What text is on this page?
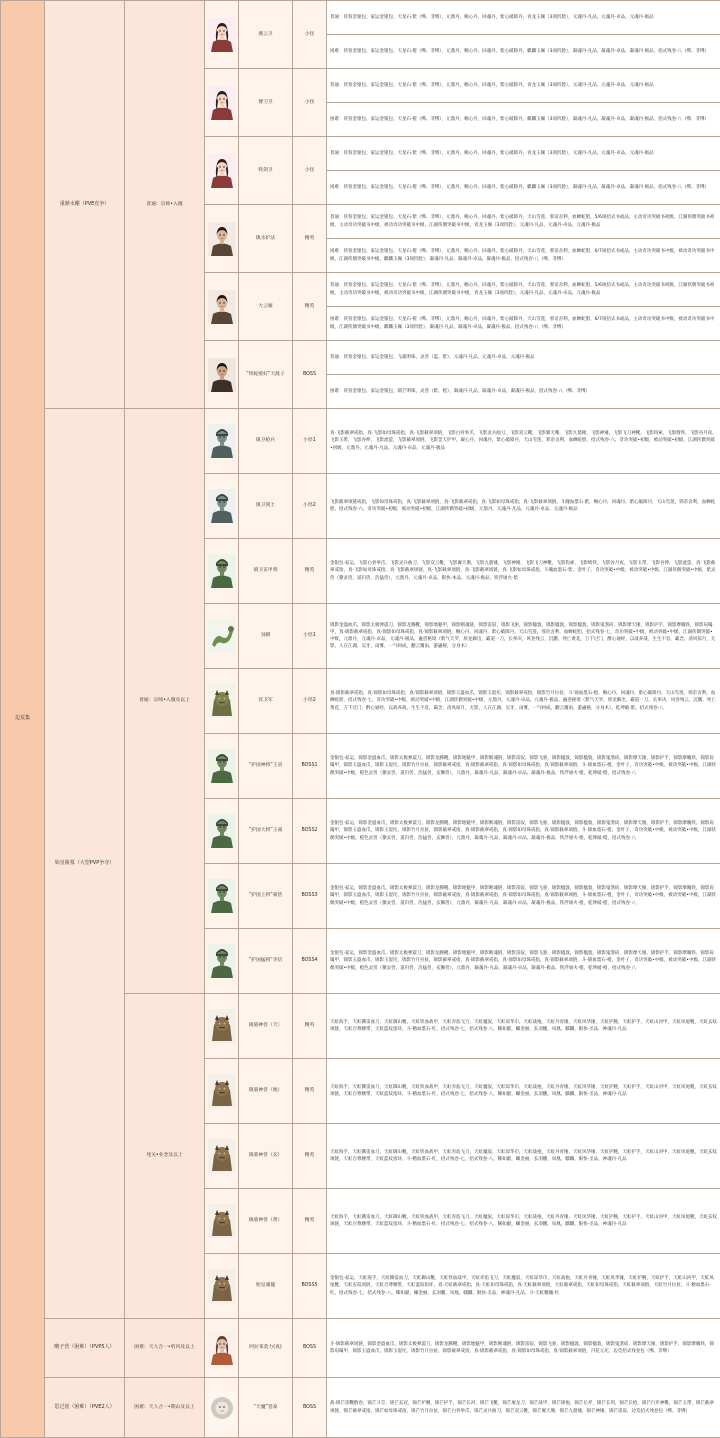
边荒集	重鼎水榭（PVE竞争）	普通：宗师•入微		燕云卫	小怪	普通：侠客金银包、家运金银包、天星石·紫（绑、非绑），元鼎丹，赐心丹，回魂丹，紫心破障丹，青龙玉佩（3项凹脸），元魂丹·凡品，元魂丹·卓品，元魂丹·极品
						困难：侠客金银包、家运金银包、天星石·橙（绑、非绑），元鼎丹，赐心丹，回魂丹，紫心破障丹，麒麟玉佩（3项凹脸），凝魂丹·凡品，凝魂丹·卓品，凝魂丹·极品，招式残卷·八（绑、非绑）

	傅刀卫	小怪	普通：侠客金银包、家运金银包、天星石·紫（绑、非绑），元鼎丹，赐心丹，回魂丹，紫心破障丹，青龙玉佩（3项凹脸），元魂丹·凡品，元魂丹·卓品，元魂丹·极品
						困难：侠客金银包、家运金银包、天星石·橙（绑、非绑），元鼎丹，赐心丹，回魂丹，紫心破障丹，麒麟玉佩（3项凹脸），凝魂丹·凡品，凝魂丹·卓品，凝魂丹·极品，招式残卷·八（绑、非绑）

	铁剑卫	小怪	普通：侠客金银包、家运金银包、天星石·紫（绑、非绑），元鼎丹，赐心丹，回魂丹，紫心破障丹，青龙玉佩（3项凹脸），元魂丹·凡品，元魂丹·卓品，元魂丹·极品
						困难：侠客金银包、家运金银包、天星石·橙（绑、非绑），元鼎丹，赐心丹，回魂丹，紫心破障丹，麒麟玉佩（3项凹脸），凝魂丹·凡品，凝魂丹·卓品，凝魂丹·极品，招式残卷·八（绑、非绑）

	镇水护法	精英	普通：侠客金银包、家运金银包、天星石·紫（绑、非绑），元鼎丹，赐心丹，回魂丹，紫心破障丹，天山雪莲，邪帝舍利，血蝉蛇胆，5/6项招式书或品，主动奇功突破书初级，江湖侠偶突破书初级，主动奇功突破书中级，被动奇功突破书中级，江湖侠偶突破书中级，青龙玉佩（3项凹脸），元魂丹·凡品，元魂丹·卓品，元魂丹·极品
						困难：侠客金银包、家运金银包、天星石·橙（绑、非绑），元鼎丹，赐心丹，回魂丹，紫心破障丹，天山雪莲，邪帝舍利，血蝉蛇胆，6/7项招式书或品，主动奇功突破书中级，被动奇功突破书中级，江湖侠偶突破书中级，麒麟玉佩（3项凹脸），凝魂丹·凡品，凝魂丹·卓品，凝魂丹·极品，招式残卷·八（绑、非绑）

	大云雁	精英	普通：侠客金银包、家运金银包、天星石·紫（绑、非绑），元鼎丹，赐心丹，回魂丹，紫心破障丹，天山雪莲，邪帝舍利，血蝉蛇胆，5/6项招式书或品，主动奇功突破书初级，江湖侠偶突破书初级，主动奇功突破书中级，被动奇功突破书中级，江湖侠偶突破书中级，青龙玉佩（3项凹脸），元魂丹·凡品，元魂丹·卓品，元魂丹·极品
						困难：侠客金银包、家运金银包、天星石·橙（绑、非绑），元鼎丹，赐心丹，回魂丹，紫心破障丹，天山雪莲，邪帝舍利，血蝉蛇胆，6/7项招式书或品，主动奇功突破书中级，被动奇功突破书中级，江湖侠偶突破书中级，麒麟玉佩（3项凹脸），凝魂丹·凡品，凝魂丹·卓品，凝魂丹·极品，招式残卷·八（绑、非绑）

	“铁蛇缓好”天渡子	BOSS	普通：侠客金银包、家运金银包，飞霜明珠，灵兽（蓝、紫），元魂丹·凡品，元魂丹·卓品，元魂丹·极品
						困难：侠客金银包、家运金银包，锦芒明珠，灵兽（紫、橙），凝魂丹·凡品，凝魂丹·卓品，凝魂丹·极品，招式残卷·八（绑、非绑）
	始皇陵墓（大型PVP争夺）	普通：宗师•入微及以上		镇卫枪兵	小怪1	真·飞影截翠戒指，真·飞影如母珠戒指，真·飞影截翠项链，飞影白骨拳爪，飞影灵兵曲刀，飞影双云靴，飞影翼天珊，飞影九鼎锤，飞影神锤，飞影飞刀神靴，飞影钩索，飞影绮铁，飞影谷月夜，飞影玉带，飞影谷伸，飞影流萤，飞影截翠项链，飞影罡天护甲，凝心丹，回魂丹，紫心破障丹，天山雪莲，邪帝舍利，血蝉蛇胆，招式残卷·六，奇功突破•初级，被动突破•初级，江湖侠偶突破•初级，元鼎丹，元魂丹·凡品，元魂丹·卓品，元魂丹·极品

	镇卫剑士	小怪2	飞影截翠项链戒指，飞影如母珠戒指，真·飞影截翠项链，真·飞影截翠戒指，真·飞影如母珠戒指，真·飞影截翠项链，斗魄血墨石·紫，赐心丹，回魂丹，紫心破障丹，天山雪莲，邪帝舍利，血蝉蛇胆，招式残卷·六，奇功突破•初级，被动突破•初级，江湖侠偶突破•初级，元鼎丹，元魂丹·凡品，元魂丹·卓品，元魂丹·极品

	镇卫玄甲将	精英	金银包·家运，飞影白骨拳爪，飞影灵兵曲刀，飞影双云靴，飞影翼天珊，飞影九鼎锤，飞影神锤，飞影飞刀神靴，飞影钩索，飞影绮铁，飞影谷月夜，飞影玉带，飞影谷伸，飞影流萤，真·飞影截翠戒指，真·飞影如母珠戒指，真·飞影截翠项链，真·飞影截翠项链，真·飞影截翠项链，真·飞影如母珠戒指，斗魄血墨石·紫，金叶子，奇功突破•中级，被动突破•中级，江湖侠偶突破•中级，紫灵兽（獠灵兽，道归兽，浩猛兽），元鼎丹，元魂丹·卓品，限快·本品，元魂丹·极品，铁浮屠火·紫

	冥蟒	小怪1	锦影金盛血爪，锦影太极弹震刀，锦影龙腾靴，锦影地魁甲，锦影断魂链，锦影雷驭，锦影飞驱，锦影楹敦，锦影楹敦，锦影楹敦，锦影鬼煞砖，锦影摩天锤，锦影护手，锦影摩魄铁，锦影肩镯甲，真·锦影截翠戒指，真·锦影如母珠戒指，真·锦影截翠项链，赐心丹，回魂丹，紫心破障丹，天山雪莲，邪帝舍利，血蝉蛇胆，招式残卷·七，奇功突破•中级，被动突破•中级，江湖侠偶突破•中级，元鼎丹，元魂丹·卓品，元魂丹·极品，蛊惑秘境（紫气天罗，原龙御出，霸道一刀，长拳决，风卷残云，沉鹏，死亡黄花，万千过门，醉心通经，以战养战，生生不息，霸念，清风掠月，无影，人在江湖，吴牙，雨雾，一气呵成，翻云覆雨，游蛊秘，分身术）

	冥卫军	小怪2	真·锦影截翠戒指，真·锦影如母珠戒指，真·锦影截翠项链，锦影玉盛血爪，锦影玉混坨，锦影截翠戒指，锦影竹月拉扯，斗·锦血墨石·橙，赐心丹，回魂丹，紫心破障丹，天山雪莲，邪帝舍利，血蝉蛇胆，招式残卷·七，奇功突破•中级，被动突破•中级，江湖侠偶突破•中级，元鼎丹，元魂丹·卓品，元魂丹·极品，蛊惑秘境（紫气天罗，原龙御出，霸道一刀，长拳决，风卷残云，沉鹏，死亡黄花，万千过门，醉心通经，以战养战，生生不息，霸念，清风掠月，无影，人在江湖，吴牙，雨雾，一气呵成，翻云覆雨，游蛊秘，分身术），乾坤破·紫，招式残卷·八

	“护国神将”王贲	BOSS1	金银包·家运，锦影金盛血爪，锦影太极弹震刀，锦影龙腾靴，锦影地魁甲，锦影断魂链，锦影雷驭，锦影飞驱，锦影楹敦，锦影楹敦，锦影鬼煞砖，锦影摩天锤，锦影护手，锦影摩魄铁，锦影肩镯甲，锦影玉盛血爪，锦影玉混坨，锦影竹月拉扯，锦影截翠戒指，真·锦影截翠戒指，真·锦影如母珠戒指，真·锦影截翠项链，斗·锦血墨石·橙，金叶子，奇功突破•中级，被动突破•中级，江湖侠偶突破•中级，橙色灵兽（獠灵兽，道归兽，浩猛兽，玄狮兽），元鼎丹，凝魂丹·凡品，凝魂丹·卓品，凝魂丹·极品，铁浮屠火·橙，乾坤破·橙，招式残卷·八

	“护国大将”王离	BOSS2	金银包·家运，锦影金盛血爪，锦影太极弹震刀，锦影龙腾靴，锦影地魁甲，锦影断魂链，锦影雷驭，锦影飞驱，锦影楹敦，锦影楹敦，锦影鬼煞砖，锦影摩天锤，锦影护手，锦影摩魄铁，锦影肩镯甲，锦影玉盛血爪，锦影玉混坨，锦影竹月拉扯，锦影截翠戒指，真·锦影截翠戒指，真·锦影如母珠戒指，真·锦影截翠项链，斗·锦血墨石·橙，金叶子，奇功突破•中级，被动突破•中级，江湖侠偶突破•中级，橙色灵兽（獠灵兽，道归兽，浩猛兽，玄狮兽），元鼎丹，凝魂丹·凡品，凝魂丹·卓品，凝魂丹·极品，铁浮屠火·橙，乾坤破·橙，招式残卷·八

	“护国上将”蒙恬	BOSS3	金银包·家运，锦影金盛血爪，锦影太极弹震刀，锦影龙腾靴，锦影地魁甲，锦影断魂链，锦影雷驭，锦影飞驱，锦影楹敦，锦影楹敦，锦影鬼煞砖，锦影摩天锤，锦影护手，锦影摩魄铁，锦影肩镯甲，锦影玉盛血爪，锦影玉混坨，锦影竹月拉扯，锦影截翠戒指，真·锦影截翠戒指，真·锦影如母珠戒指，真·锦影截翠项链，斗·锦血墨石·橙，金叶子，奇功突破•中级，被动突破•中级，江湖侠偶突破•中级，橙色灵兽（獠灵兽，道归兽，浩猛兽，玄狮兽），元鼎丹，凝魂丹·凡品，凝魂丹·卓品，凝魂丹·极品，铁浮屠火·橙，乾坤破·橙，招式残卷·八

	“护国猛将”李信	BOSS4	金银包·家运，锦影金盛血爪，锦影太极弹震刀，锦影龙腾靴，锦影地魁甲，锦影断魂链，锦影雷驭，锦影飞驱，锦影楹敦，锦影楹敦，锦影鬼煞砖，锦影摩天锤，锦影护手，锦影摩魄铁，锦影肩镯甲，锦影玉盛血爪，锦影玉混坨，锦影竹月拉扯，锦影截翠戒指，真·锦影截翠戒指，真·锦影如母珠戒指，真·锦影截翠项链，斗·锦血墨石·橙，金叶子，奇功突破•中级，被动突破•中级，江湖侠偶突破•中级，橙色灵兽（獠灵兽，道归兽，浩猛兽，玄狮兽），元鼎丹，凝魂丹·凡品，凝魂丹·卓品，凝魂丹·极品，铁浮屠火·橙，乾坤破·橙，招式残卷·八
		死关•业念及以上		镇墓神兽（天）	精英	天虹海手，天虹撕雷血刀，天虹御山靴，天虹铁血战甲，天虹赤焰飞刀，天虹魔驭，天虹琼华巾，天虹战袍，天虹丹青锤，天虹风华锤，天虹护腕，天虹护手，天虹山河甲，天虹凤尾靴，天虹玄纹项链，天虹百尊腰带，天虹蓝纹指环，斗·精血墨石·红，招式残卷·七，招式残卷·八，稀如献，螺金丽，玄羽鹏，凤凰，麒麟，限快·圣品，神魂丹·凡品

	镇墓神兽（地）	精英	天虹海手，天虹撕雷血刀，天虹御山靴，天虹铁血战甲，天虹赤焰飞刀，天虹魔驭，天虹琼华巾，天虹战袍，天虹丹青锤，天虹风华锤，天虹护腕，天虹护手，天虹山河甲，天虹凤尾靴，天虹玄纹项链，天虹百尊腰带，天虹蓝纹指环，斗·精血墨石·红，招式残卷·七，招式残卷·八，稀如献，螺金丽，玄羽鹏，凤凰，麒麟，限快·圣品，神魂丹·凡品

	镇墓神兽（玄）	精英	天虹海手，天虹撕雷血刀，天虹御山靴，天虹铁血战甲，天虹赤焰飞刀，天虹魔驭，天虹琼华巾，天虹战袍，天虹丹青锤，天虹风华锤，天虹护腕，天虹护手，天虹山河甲，天虹凤尾靴，天虹玄纹项链，天虹百尊腰带，天虹蓝纹指环，斗·精血墨石·红，招式残卷·七，招式残卷·八，稀如献，螺金丽，玄羽鹏，凤凰，麒麟，限快·圣品，神魂丹·凡品

	镇墓神兽（黄）	精英	天虹海手，天虹撕雷血刀，天虹御山靴，天虹铁血战甲，天虹赤焰飞刀，天虹魔驭，天虹琼华巾，天虹战袍，天虹丹青锤，天虹风华锤，天虹护腕，天虹护手，天虹山河甲，天虹凤尾靴，天虹玄纹项链，天虹百尊腰带，天虹蓝纹指环，斗·精血墨石·红，招式残卷·七，招式残卷·八，稀如献，螺金丽，玄羽鹏，凤凰，麒麟，限快·圣品，神魂丹·凡品

	始皇魂傀	BOSS5	金银包·家运，天虹海手，天虹撕雷血刀，天虹御山靴，天虹铁血战甲，天虹赤焰飞刀，天虹魔驭，天虹琼华巾，天虹战袍，天虹丹青锤，天虹风华锤，天虹护腕，天虹护手，天虹山河甲，天虹凤尾靴，天虹玄纹项链，天虹百尊腰带，天虹蓝纹指环，真·天虹截翠戒指，真·天虹如母珠戒指，真·天虹截翠项链，天虹截翠戒指，天虹如母珠戒指，天虹截翠项链，天虹竹月拉扯，斗·精血墨石·红，招式残卷·七，招式残卷·八，稀如献，螺金丽，玄羽鹏，凤凰，麒麟，限快·圣品，神魂丹·凡品，斗·天虹精魄·红
	略子营（困难）（PVP5人）	困难：天人合一•听风及以上		阿拉莱莫力(真)	BOSS	斗·锦影截翠项链，锦影金盛血爪，锦影太极弹震刀，锦影龙腾靴，锦影地魁甲，锦影断魂链，锦影雷驭，锦影飞驱，锦影楹敦，锦影楹敦，锦影鬼煞砖，锦影摩天锤，锦影护手，锦影摩魄铁，锦影肩镯甲，锦影玉盛血爪，锦影玉混坨，锦影竹月拉扯，锦影截翠戒指，真·锦影截翠戒指，真·锦影如母珠戒指，真·锦影截翠项链，丹花元坨，边荒招式残卷包（绑、非绑）
	思过崖（困难）（PVE2人）	困难：天人合一•期山及以上		“天魔”苍泰	BOSS	战·锦芒雷鞭散卷，锦芒斗笠，锦芒玄冠，锦芒护腰，锦芒护手，锦芒长衫，锦芒飞靴，锦芒屠龙刀，锦芒战甲，锦芒锦袍，锦芒长斧，锦芒长剑，锦芒长枪，锦芒行步神靴，锦芒玉带，锦芒截翠项链，锦芒截翠戒指，锦芒如母珠戒指，锦芒竹月拉扯，锦芒白骨拳爪，锦芒灵兵曲刀，锦芒双云靴，锦芒翼天珊，锦芒九鼎锤，锦芒神锤，锦芒雷驭，边荒招式残卷包（绑、非绑）
